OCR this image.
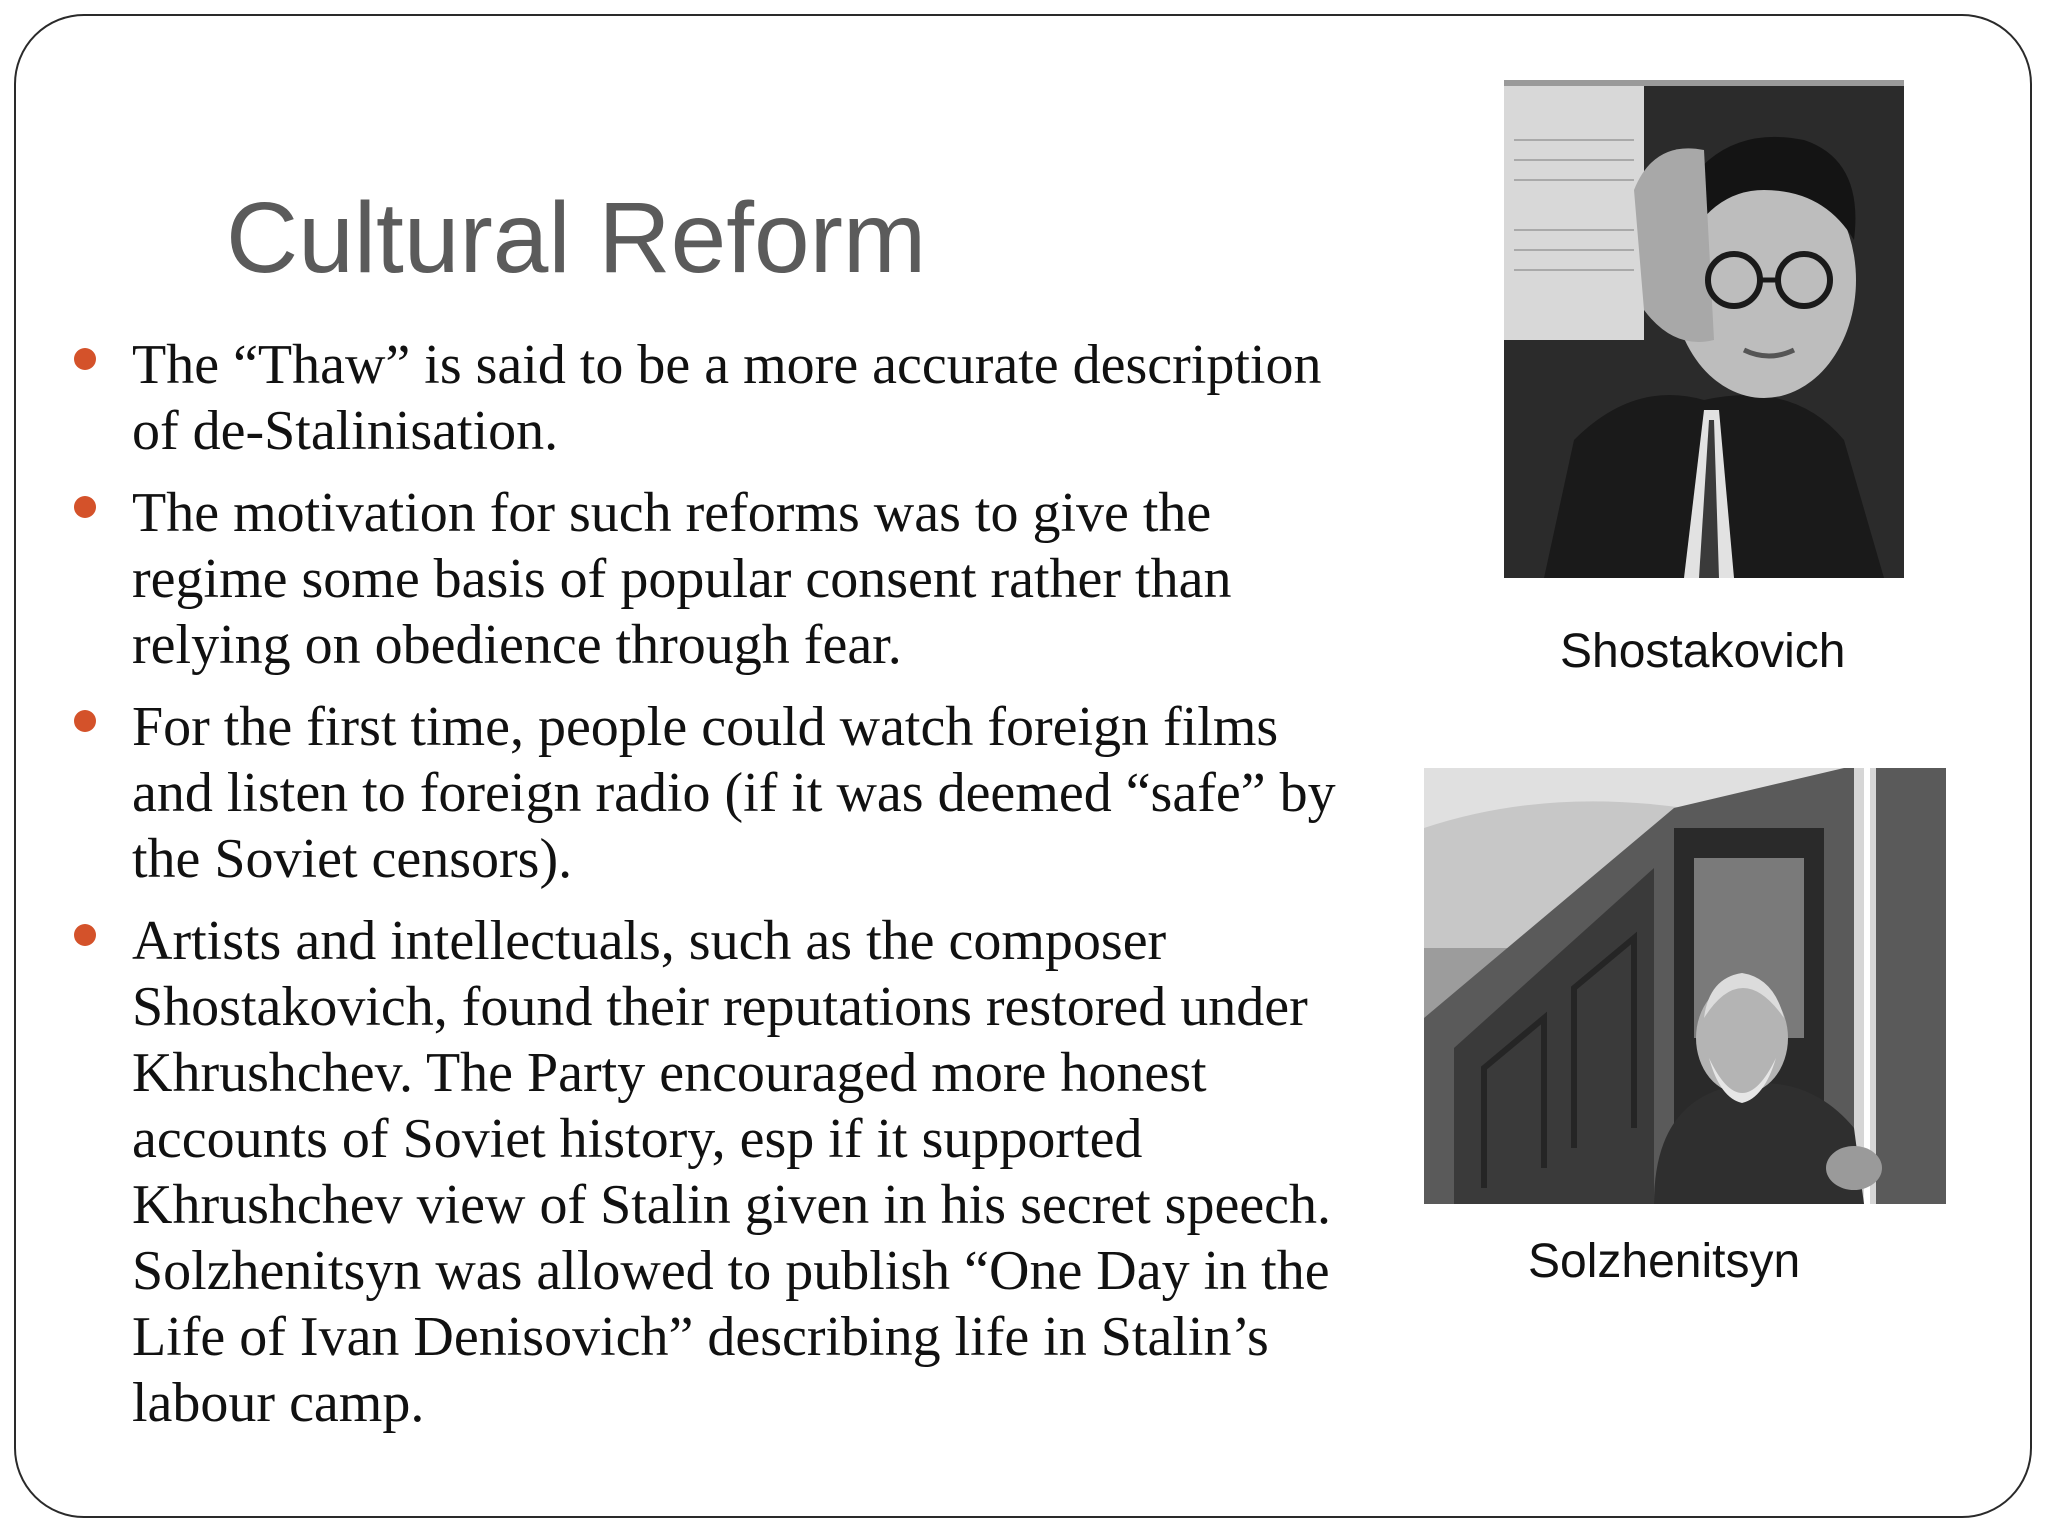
Cultural Reform
The “Thaw” is said to be a more accurate description of de-Stalinisation.
The motivation for such reforms was to give the regime some basis of popular consent rather than relying on obedience through fear.
For the first time, people could watch foreign films and listen to foreign radio (if it was deemed “safe” by the Soviet censors).
Artists and intellectuals, such as the composer Shostakovich, found their reputations restored under Khrushchev. The Party encouraged more honest accounts of Soviet history, esp if it supported Khrushchev view of Stalin given in his secret speech. Solzhenitsyn was allowed to publish “One Day in the Life of Ivan Denisovich” describing life in Stalin’s labour camp.
Shostakovich
Solzhenitsyn
